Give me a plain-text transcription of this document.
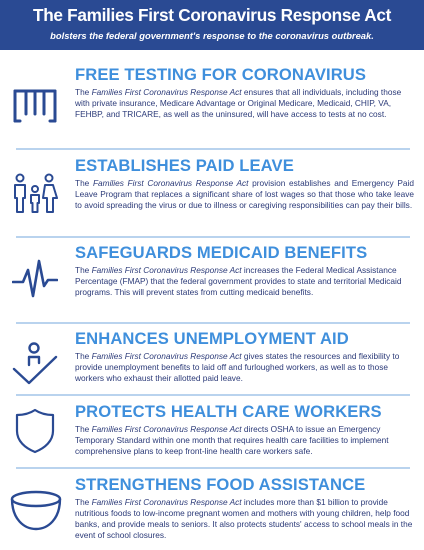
The Families First Coronavirus Response Act
bolsters the federal government's response to the coronavirus outbreak.
FREE TESTING FOR CORONAVIRUS
The Families First Coronavirus Response Act ensures that all individuals, including those with private insurance, Medicare Advantage or Original Medicare, Medicaid, CHIP, VA, FEHBP, and TRICARE, as well as the uninsured, will have access to tests at no cost.
ESTABLISHES PAID LEAVE
The Families First Coronavirus Response Act provision establishes and Emergency Paid Leave Program that replaces a significant share of lost wages so that those who take leave to avoid spreading the virus or due to illness or caregiving responsibilities can pay their bills.
SAFEGUARDS MEDICAID BENEFITS
The Families First Coronavirus Response Act increases the Federal Medical Assistance Percentage (FMAP) that the federal government provides to state and territorial Medicaid programs. This will prevent states from cutting medicaid benefits.
ENHANCES UNEMPLOYMENT AID
The Families First Coronavirus Response Act gives states the resources and flexibility to provide unemployment benefits to laid off and furloughed workers, as well as to those workers who exhaust their allotted paid leave.
PROTECTS HEALTH CARE WORKERS
The Families First Coronavirus Response Act directs OSHA to issue an Emergency Temporary Standard within one month that requires health care facilities to implement comprehensive plans to keep front-line health care workers safe.
STRENGTHENS FOOD ASSISTANCE
The Families First Coronavirus Response Act includes more than $1 billion to provide nutritious foods to low-income pregnant women and mothers with young children, help food banks, and provide meals to seniors. It also protects students' access to school meals in the event of school closures.
